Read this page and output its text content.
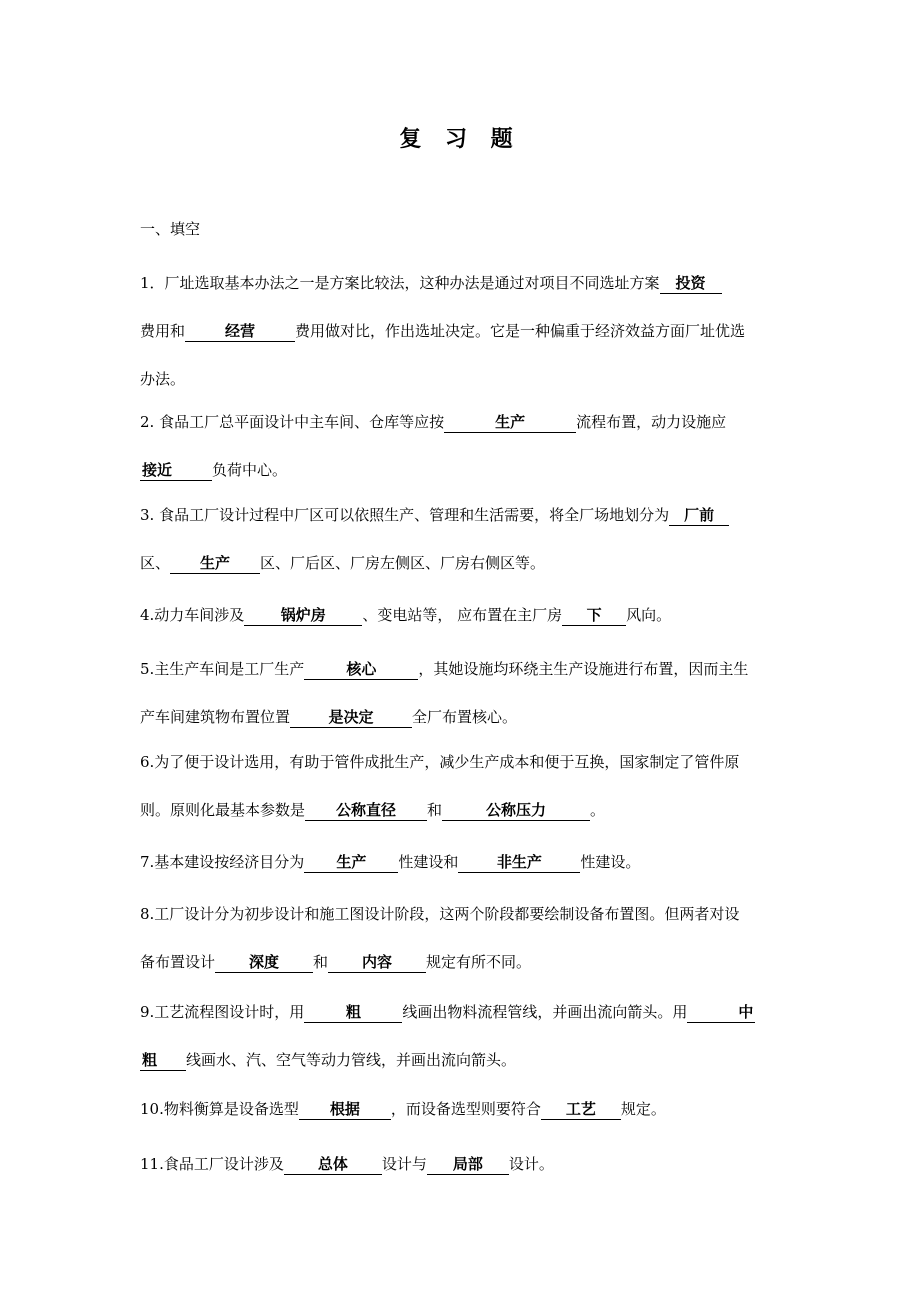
复 习 题
一、填空
1．厂址选取基本办法之一是方案比较法，这种办法是通过对项目不同选址方案 投资
费用和	经营	费用做对比，作出选址决定。它是一种偏重于经济效益方面厂址优选
办法。
2. 食品工厂总平面设计中主车间、仓库等应按	生产	流程布置，动力设施应
接近	负荷中心。
3. 食品工厂设计过程中厂区可以依照生产、管理和生活需要，将全厂场地划分为 厂前
区、 生产 区、厂后区、厂房左侧区、厂房右侧区等。
4.动力车间涉及 锅炉房 、变电站等， 应布置在主厂房 下 风向。
5.主生产车间是工厂生产	核心	，其她设施均环绕主生产设施进行布置，因而主生
产车间建筑物布置位置	是决定	全厂布置核心。
6.为了便于设计选用，有助于管件成批生产，减少生产成本和便于互换，国家制定了管件原
则。原则化最基本参数是 公称直径 和	公称压力	。
7.基本建设按经济目分为 生产 性建设和	非生产	性建设。
8.工厂设计分为初步设计和施工图设计阶段，这两个阶段都要绘制设备布置图。但两者对设
备布置设计 深度 和 内容 规定有所不同。
9.工艺流程图设计时，用	粗	线画出物料流程管线，并画出流向箭头。用	中
粗 线画水、汽、空气等动力管线，并画出流向箭头。
10.物料衡算是设备选型 根据 ，而设备选型则要符合 工艺 规定。
11.食品工厂设计涉及 总体 设计与 局部 设计。
